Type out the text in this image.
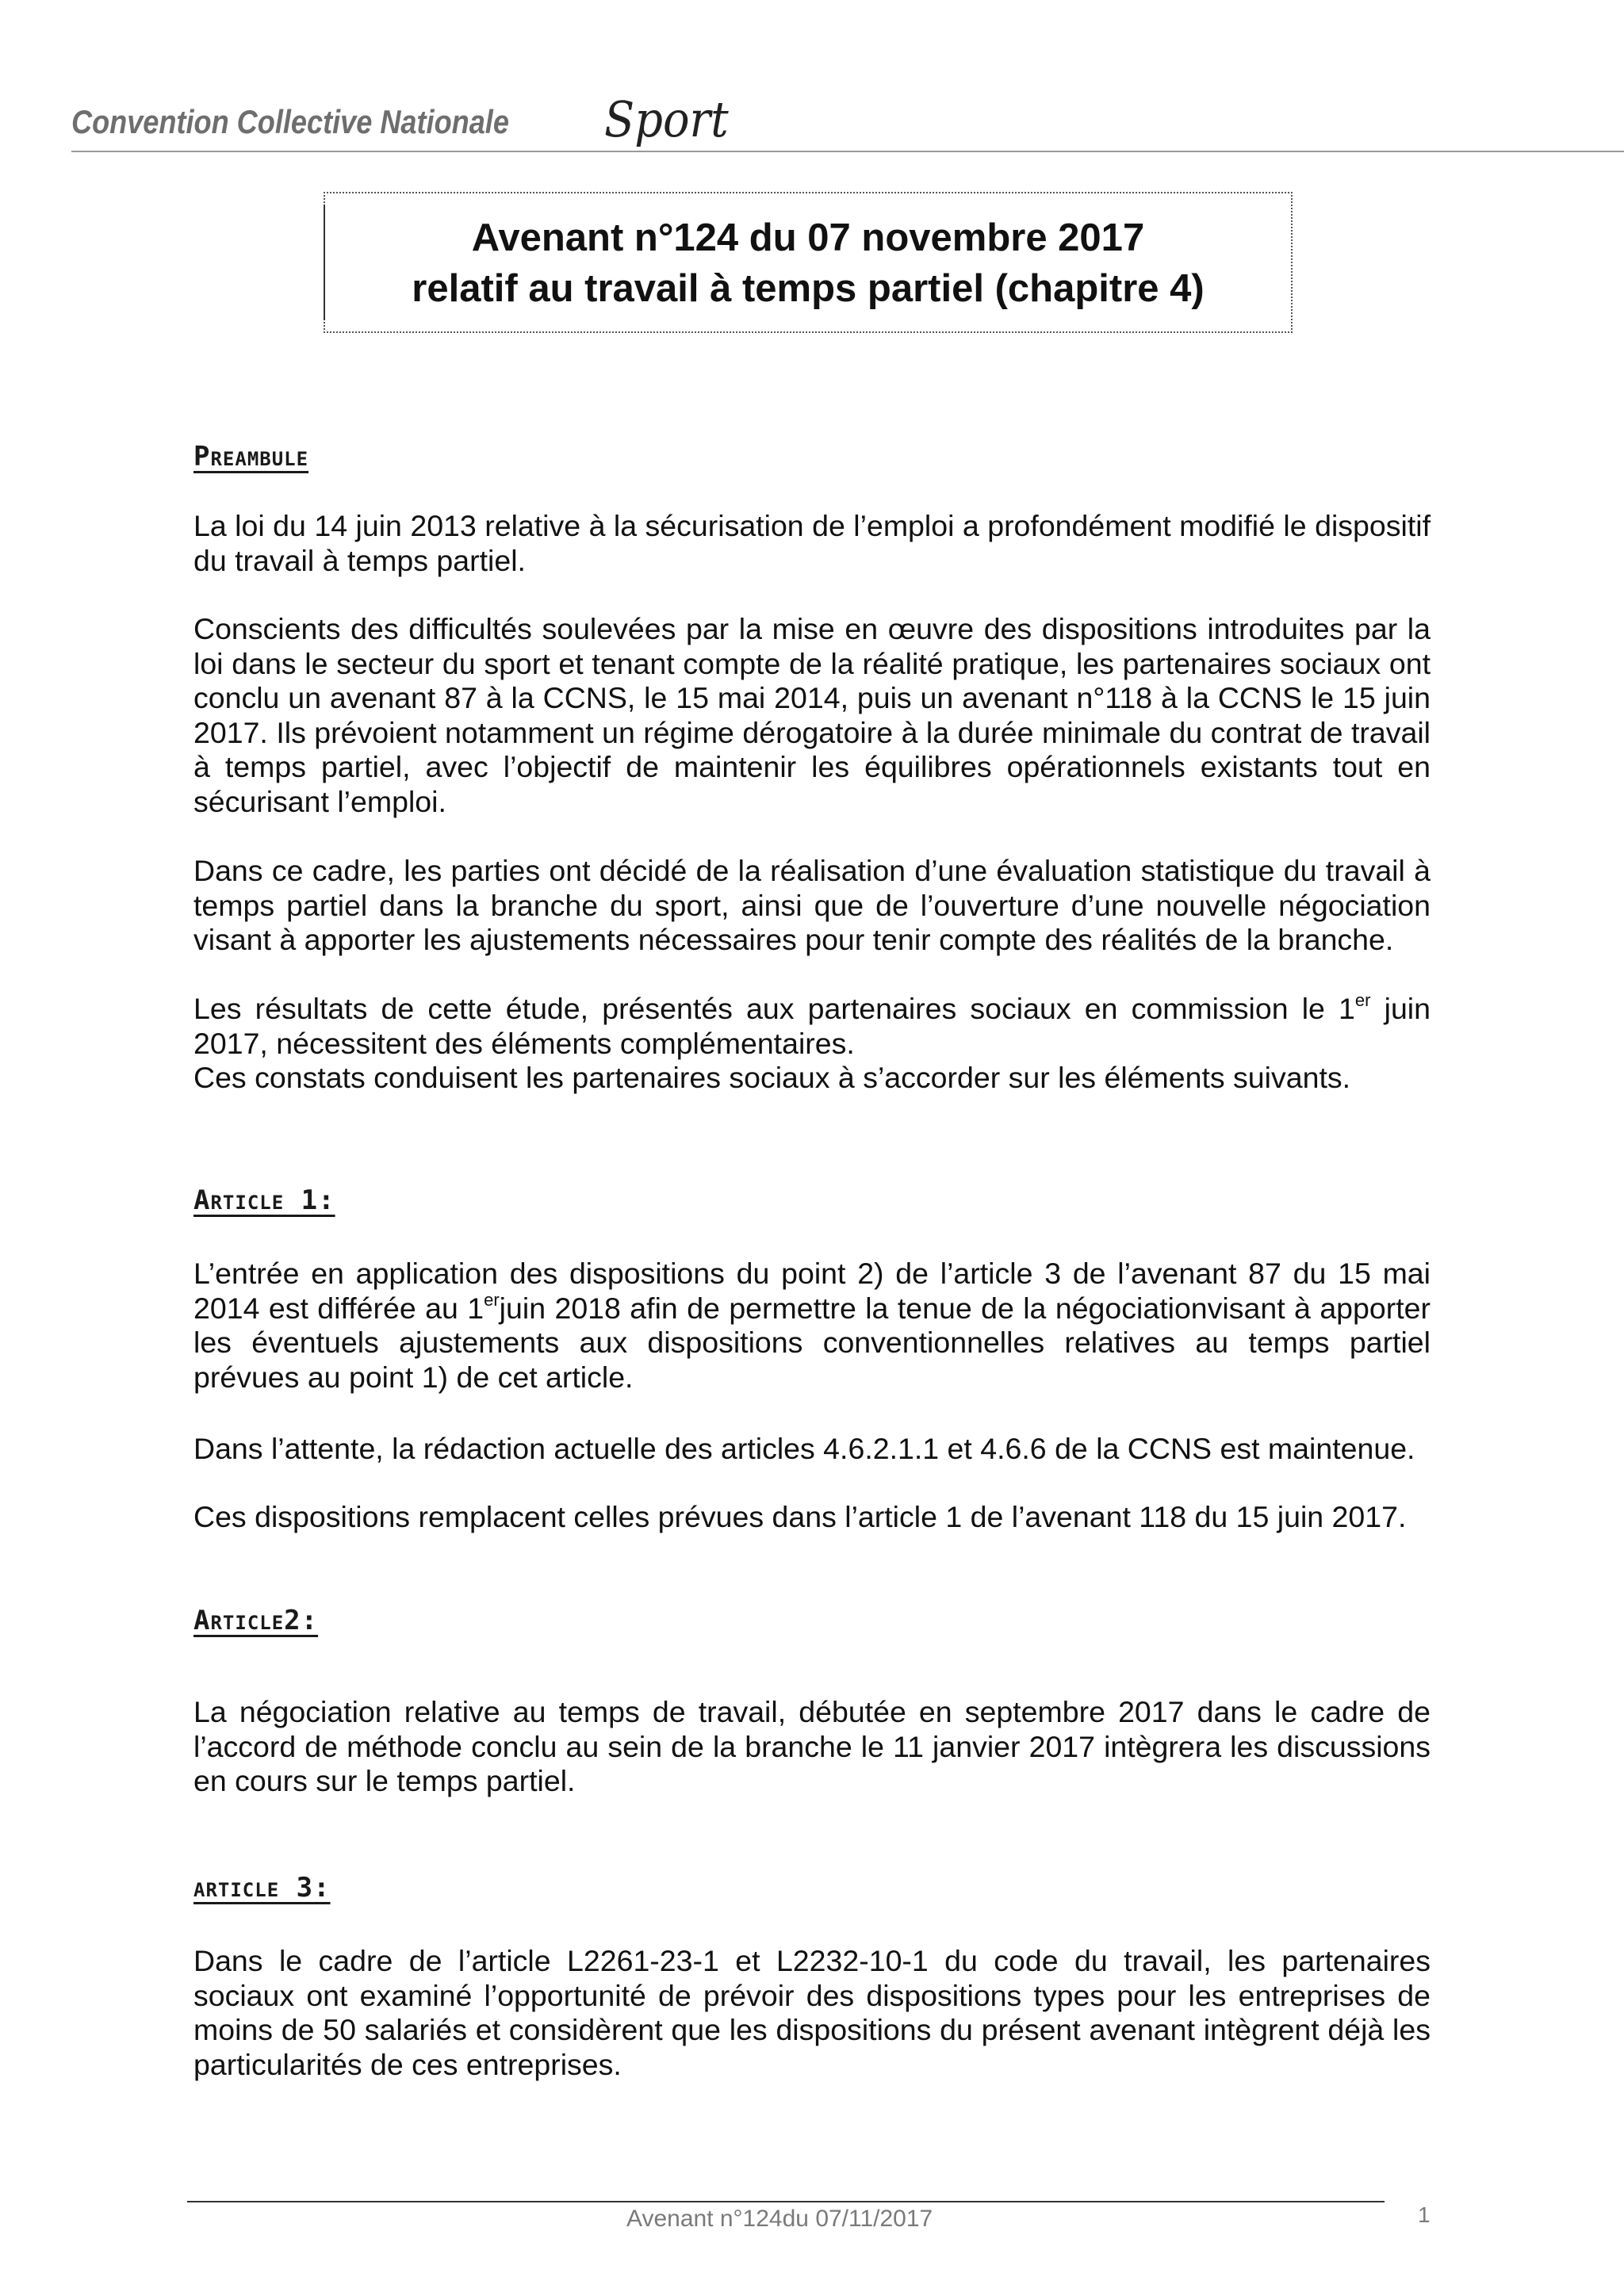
Convention Collective Nationale Sport
Avenant n°124 du 07 novembre 2017
relatif au travail à temps partiel (chapitre 4)
Preambule
La loi du 14 juin 2013 relative à la sécurisation de l’emploi a profondément modifié le dispositif du travail à temps partiel.
Conscients des difficultés soulevées par la mise en œuvre des dispositions introduites par la loi dans le secteur du sport et tenant compte de la réalité pratique, les partenaires sociaux ont conclu un avenant 87 à la CCNS, le 15 mai 2014, puis un avenant n°118 à la CCNS le 15 juin 2017. Ils prévoient notamment un régime dérogatoire à la durée minimale du contrat de travail à temps partiel, avec l’objectif de maintenir les équilibres opérationnels existants tout en sécurisant l’emploi.
Dans ce cadre, les parties ont décidé de la réalisation d’une évaluation statistique du travail à temps partiel dans la branche du sport, ainsi que de l’ouverture d’une nouvelle négociation visant à apporter les ajustements nécessaires pour tenir compte des réalités de la branche.
Les résultats de cette étude, présentés aux partenaires sociaux en commission le 1er juin 2017, nécessitent des éléments complémentaires.
Ces constats conduisent les partenaires sociaux à s’accorder sur les éléments suivants.
Article 1:
L’entrée en application des dispositions du point 2) de l’article 3 de l’avenant 87 du 15 mai 2014 est différée au 1erjuin 2018 afin de permettre la tenue de la négociationvisant à apporter les éventuels ajustements aux dispositions conventionnelles relatives au temps partiel prévues au point 1) de cet article.
Dans l’attente, la rédaction actuelle des articles 4.6.2.1.1 et 4.6.6 de la CCNS est maintenue.
Ces dispositions remplacent celles prévues dans l’article 1 de l’avenant 118 du 15 juin 2017.
Article2:
La négociation relative au temps de travail, débutée en septembre 2017 dans le cadre de l’accord de méthode conclu au sein de la branche le 11 janvier 2017 intègrera les discussions en cours sur le temps partiel.
article 3:
Dans le cadre de l’article L2261-23-1 et L2232-10-1 du code du travail, les partenaires sociaux ont examiné l’opportunité de prévoir des dispositions types pour les entreprises de moins de 50 salariés et considèrent que les dispositions du présent avenant intègrent déjà les particularités de ces entreprises.
Avenant n°124du 07/11/2017	1
